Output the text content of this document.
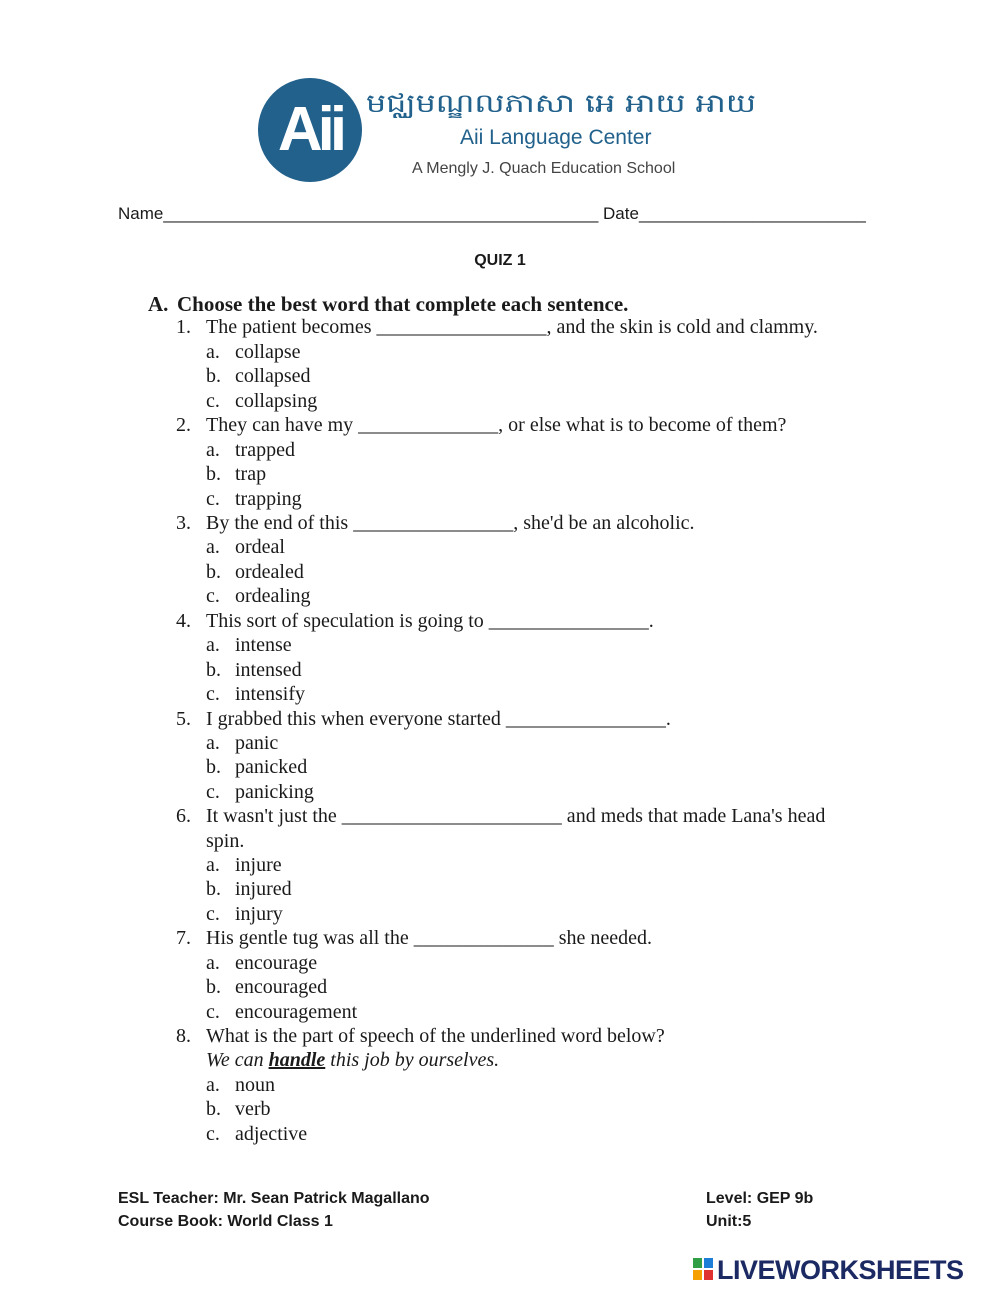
Aii មជ្ឈមណ្ឌលភាសា អេ អាយ អាយ
Aii Language Center
A Mengly J. Quach Education School
Name______________________________________________ Date________________________
QUIZ 1
A. Choose the best word that complete each sentence.
1. The patient becomes _________________, and the skin is cold and clammy.
a. collapse
b. collapsed
c. collapsing
2. They can have my ______________, or else what is to become of them?
a. trapped
b. trap
c. trapping
3. By the end of this ________________, she'd be an alcoholic.
a. ordeal
b. ordealed
c. ordealing
4. This sort of speculation is going to ________________.
a. intense
b. intensed
c. intensify
5. I grabbed this when everyone started ________________.
a. panic
b. panicked
c. panicking
6. It wasn't just the ______________________ and meds that made Lana's head
spin.
a. injure
b. injured
c. injury
7. His gentle tug was all the ______________ she needed.
a. encourage
b. encouraged
c. encouragement
8. What is the part of speech of the underlined word below?
We can handle this job by ourselves.
a. noun
b. verb
c. adjective
ESL Teacher: Mr. Sean Patrick Magallano
Course Book: World Class 1
Level: GEP 9b
Unit:5
LIVEWORKSHEETS
